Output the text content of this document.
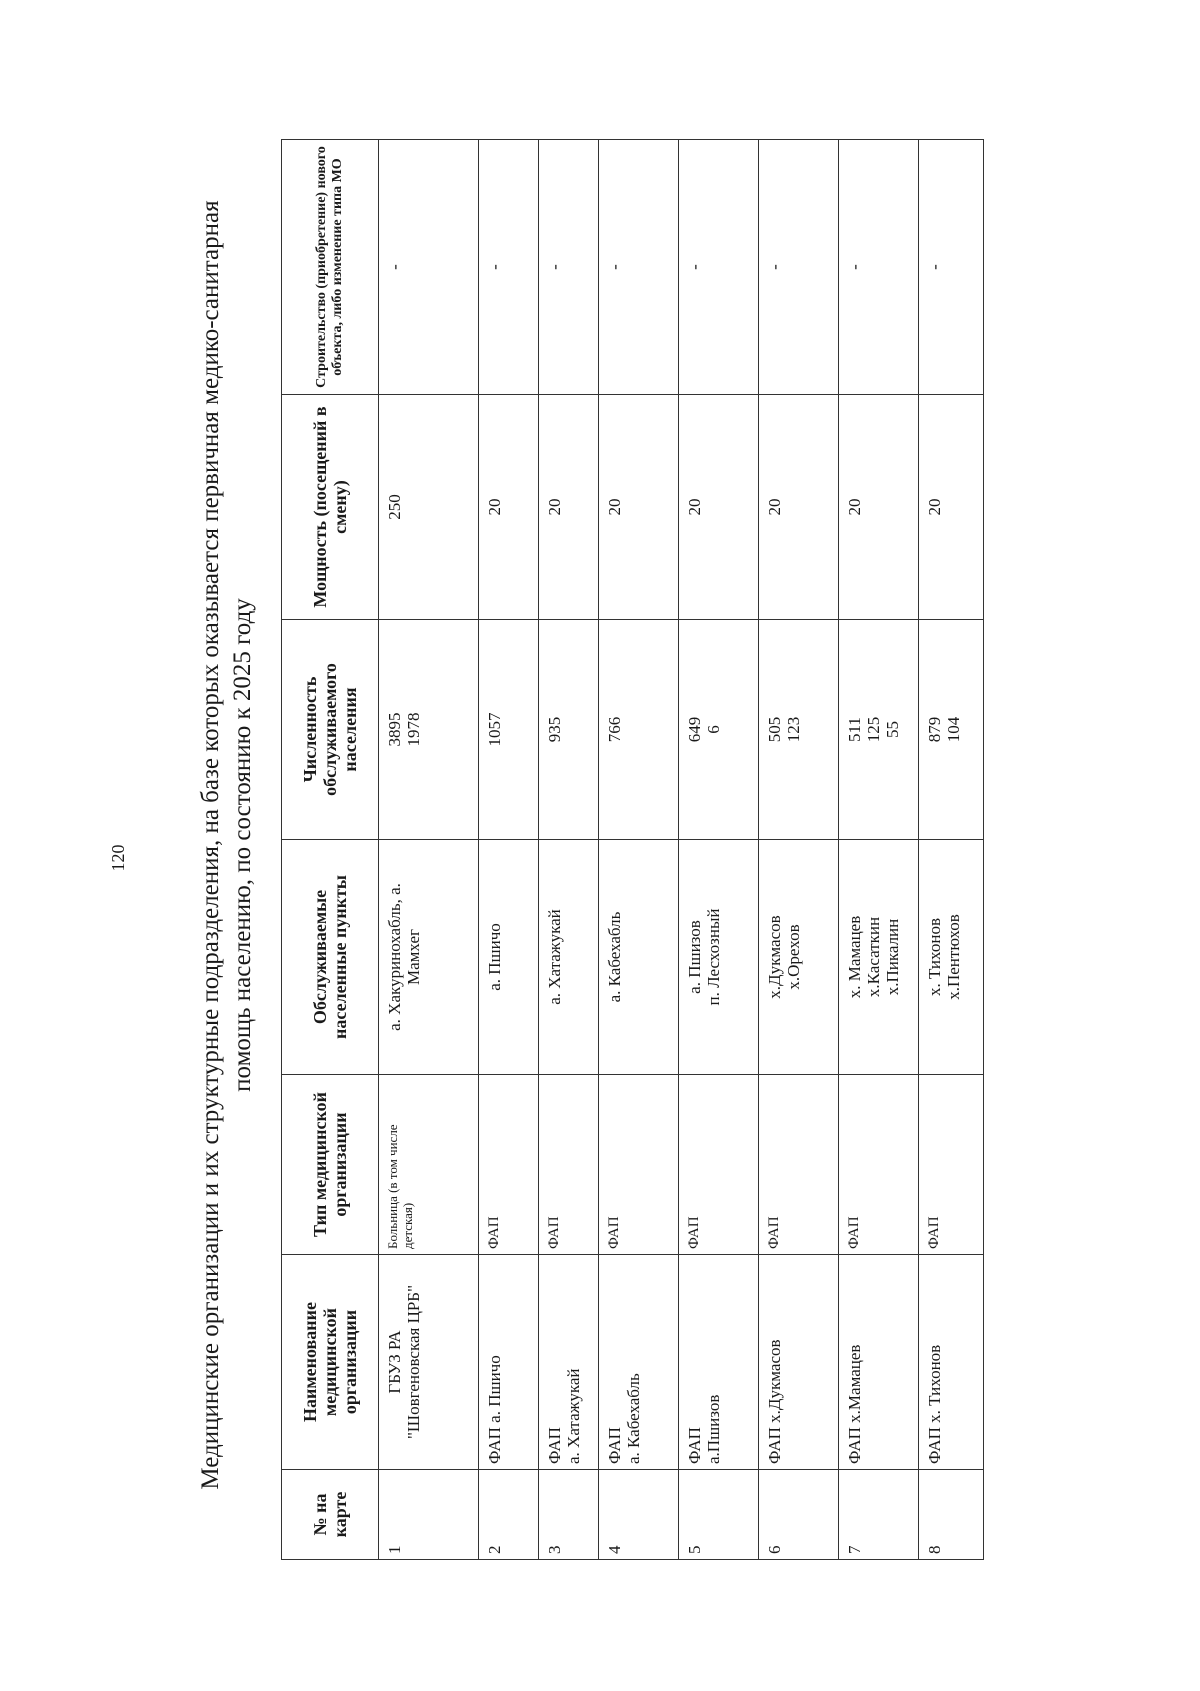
120	Медицинские организации и их структурные подразделения, на базе которых оказывается первичная медико-санитарная помощь населению, по состоянию к 2025 году
№ на карте	Наименование медицинской организации	Тип медицинской организации	Обслуживаемые населенные пункты	Численность обслуживаемого населения	Мощность (посещений в смену)	Строительство (приобретение) нового объекта, либо изменение типа МО
1	ГБУЗ РА "Шовгеновская ЦРБ"	Больница (в том числе детская)	а. Хакуринохабль, а. Мамхег	3895 1978	250	-
2	ФАП а. Пшичо	ФАП	а. Пшичо	1057	20	-
3	ФАП а. Хатажукай	ФАП	а. Хатажукай	935	20	-
4	ФАП а. Кабехабль	ФАП	а. Кабехабль	766	20	-
5	ФАП а.Пшизов	ФАП	а. Пшизов п. Лесхозный	649 6	20	-
6	ФАП х.Дукмасов	ФАП	х.Дукмасов х.Орехов	505 123	20	-
7	ФАП х.Мамацев	ФАП	х. Мамацев х.Касаткин х.Пикалин	511 125 55	20	-
8	ФАП х. Тихонов	ФАП	х. Тихонов х.Пентюхов	879 104	20	-
